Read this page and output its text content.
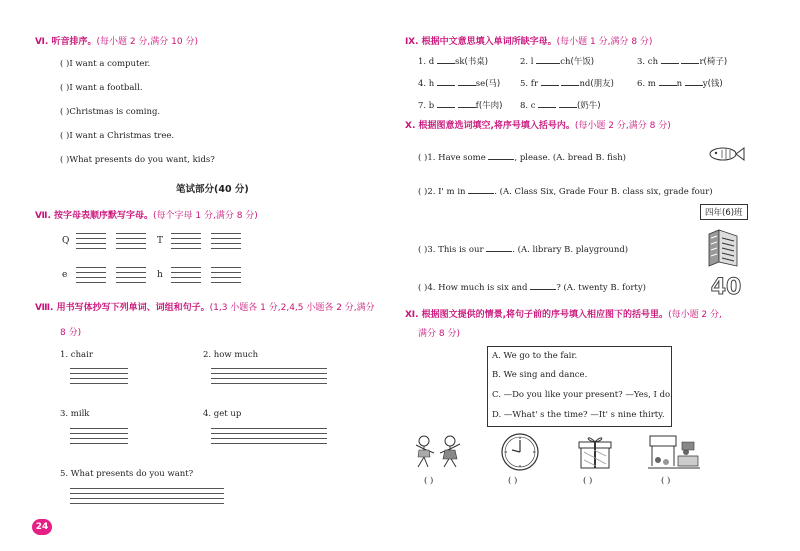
Ⅵ. 听音排序。(每小题 2 分,满分 10 分)
( )I want a computer.
( )I want a football.
( )Christmas is coming.
( )I want a Christmas tree.
( )What presents do you want, kids?
笔试部分(40 分)
Ⅶ. 按字母表顺序默写字母。(每个字母 1 分,满分 8 分)
Q	T
e	h
Ⅷ. 用书写体抄写下列单词、词组和句子。(1,3 小题各 1 分,2,4,5 小题各 2 分,满分
8 分)
1. chair	2. how much
3. milk	4. get up
5. What presents do you want?
24
Ⅸ. 根据中文意思填入单词所缺字母。(每小题 1 分,满分 8 分)
1. d sk(书桌)	2. l	ch(午饭)	3. ch	r(椅子)
4. h	se(马) 5. fr	nd(朋友)	6. m n y(钱)
7. b	f(牛肉) 8. c	(奶牛)
Ⅹ. 根据图意选词填空,将序号填入括号内。(每小题 2 分,满分 8 分)
( )1. Have some	, please. (A. bread B. fish)
( )2. I' m in	. (A. Class Six, Grade Four B. class six, grade four)
四年(6)班
( )3. This is our	. (A. library B. playground)
( )4. How much is six and	? (A. twenty B. forty)	40
Ⅺ. 根据图文提供的情景,将句子前的序号填入相应图下的括号里。(每小题 2 分,
满分 8 分)
A. We go to the fair.
B. We sing and dance.
C. —Do you like your present? —Yes, I do.
D. —What' s the time? —It' s nine thirty.
( )	( )	( )	( )
